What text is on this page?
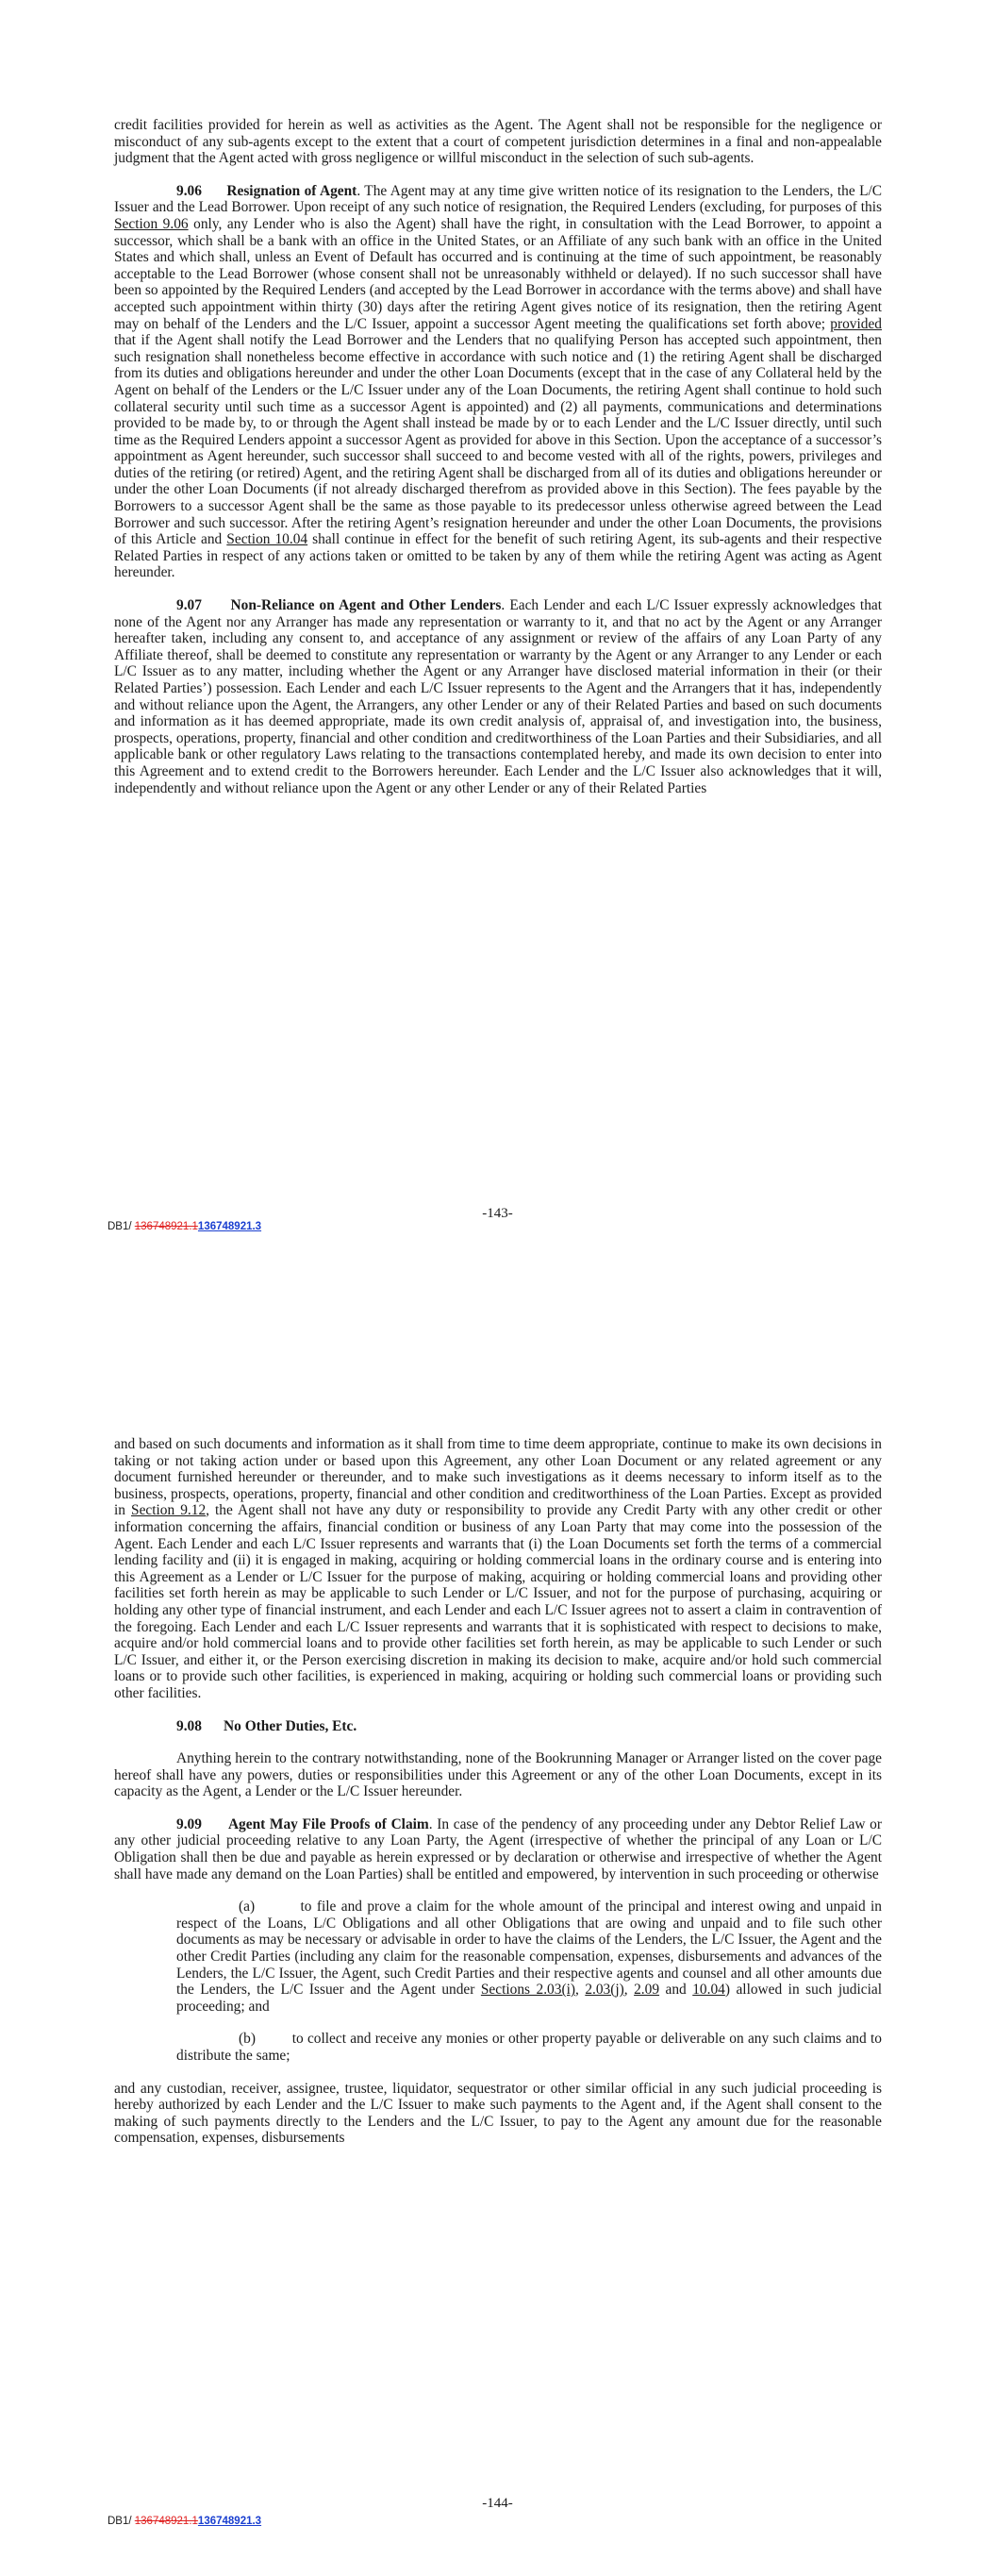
credit facilities provided for herein as well as activities as the Agent. The Agent shall not be responsible for the negligence or misconduct of any sub-agents except to the extent that a court of competent jurisdiction determines in a final and non-appealable judgment that the Agent acted with gross negligence or willful misconduct in the selection of such sub-agents.

9.06 Resignation of Agent. The Agent may at any time give written notice of its resignation to the Lenders, the L/C Issuer and the Lead Borrower. Upon receipt of any such notice of resignation, the Required Lenders (excluding, for purposes of this Section 9.06 only, any Lender who is also the Agent) shall have the right, in consultation with the Lead Borrower, to appoint a successor, which shall be a bank with an office in the United States, or an Affiliate of any such bank with an office in the United States and which shall, unless an Event of Default has occurred and is continuing at the time of such appointment, be reasonably acceptable to the Lead Borrower (whose consent shall not be unreasonably withheld or delayed). If no such successor shall have been so appointed by the Required Lenders (and accepted by the Lead Borrower in accordance with the terms above) and shall have accepted such appointment within thirty (30) days after the retiring Agent gives notice of its resignation, then the retiring Agent may on behalf of the Lenders and the L/C Issuer, appoint a successor Agent meeting the qualifications set forth above; provided that if the Agent shall notify the Lead Borrower and the Lenders that no qualifying Person has accepted such appointment, then such resignation shall nonetheless become effective in accordance with such notice and (1) the retiring Agent shall be discharged from its duties and obligations hereunder and under the other Loan Documents (except that in the case of any Collateral held by the Agent on behalf of the Lenders or the L/C Issuer under any of the Loan Documents, the retiring Agent shall continue to hold such collateral security until such time as a successor Agent is appointed) and (2) all payments, communications and determinations provided to be made by, to or through the Agent shall instead be made by or to each Lender and the L/C Issuer directly, until such time as the Required Lenders appoint a successor Agent as provided for above in this Section. Upon the acceptance of a successor’s appointment as Agent hereunder, such successor shall succeed to and become vested with all of the rights, powers, privileges and duties of the retiring (or retired) Agent, and the retiring Agent shall be discharged from all of its duties and obligations hereunder or under the other Loan Documents (if not already discharged therefrom as provided above in this Section). The fees payable by the Borrowers to a successor Agent shall be the same as those payable to its predecessor unless otherwise agreed between the Lead Borrower and such successor. After the retiring Agent’s resignation hereunder and under the other Loan Documents, the provisions of this Article and Section 10.04 shall continue in effect for the benefit of such retiring Agent, its sub-agents and their respective Related Parties in respect of any actions taken or omitted to be taken by any of them while the retiring Agent was acting as Agent hereunder.

9.07 Non-Reliance on Agent and Other Lenders. Each Lender and each L/C Issuer expressly acknowledges that none of the Agent nor any Arranger has made any representation or warranty to it, and that no act by the Agent or any Arranger hereafter taken, including any consent to, and acceptance of any assignment or review of the affairs of any Loan Party of any Affiliate thereof, shall be deemed to constitute any representation or warranty by the Agent or any Arranger to any Lender or each L/C Issuer as to any matter, including whether the Agent or any Arranger have disclosed material information in their (or their Related Parties’) possession. Each Lender and each L/C Issuer represents to the Agent and the Arrangers that it has, independently and without reliance upon the Agent, the Arrangers, any other Lender or any of their Related Parties and based on such documents and information as it has deemed appropriate, made its own credit analysis of, appraisal of, and investigation into, the business, prospects, operations, property, financial and other condition and creditworthiness of the Loan Parties and their Subsidiaries, and all applicable bank or other regulatory Laws relating to the transactions contemplated hereby, and made its own decision to enter into this Agreement and to extend credit to the Borrowers hereunder. Each Lender and the L/C Issuer also acknowledges that it will, independently and without reliance upon the Agent or any other Lender or any of their Related Parties

-143-
DB1/ 136748921.1136748921.3

and based on such documents and information as it shall from time to time deem appropriate, continue to make its own decisions in taking or not taking action under or based upon this Agreement, any other Loan Document or any related agreement or any document furnished hereunder or thereunder, and to make such investigations as it deems necessary to inform itself as to the business, prospects, operations, property, financial and other condition and creditworthiness of the Loan Parties. Except as provided in Section 9.12, the Agent shall not have any duty or responsibility to provide any Credit Party with any other credit or other information concerning the affairs, financial condition or business of any Loan Party that may come into the possession of the Agent. Each Lender and each L/C Issuer represents and warrants that (i) the Loan Documents set forth the terms of a commercial lending facility and (ii) it is engaged in making, acquiring or holding commercial loans in the ordinary course and is entering into this Agreement as a Lender or L/C Issuer for the purpose of making, acquiring or holding commercial loans and providing other facilities set forth herein as may be applicable to such Lender or L/C Issuer, and not for the purpose of purchasing, acquiring or holding any other type of financial instrument, and each Lender and each L/C Issuer agrees not to assert a claim in contravention of the foregoing. Each Lender and each L/C Issuer represents and warrants that it is sophisticated with respect to decisions to make, acquire and/or hold commercial loans and to provide other facilities set forth herein, as may be applicable to such Lender or such L/C Issuer, and either it, or the Person exercising discretion in making its decision to make, acquire and/or hold such commercial loans or to provide such other facilities, is experienced in making, acquiring or holding such commercial loans or providing such other facilities.

9.08 No Other Duties, Etc.

Anything herein to the contrary notwithstanding, none of the Bookrunning Manager or Arranger listed on the cover page hereof shall have any powers, duties or responsibilities under this Agreement or any of the other Loan Documents, except in its capacity as the Agent, a Lender or the L/C Issuer hereunder.

9.09 Agent May File Proofs of Claim. In case of the pendency of any proceeding under any Debtor Relief Law or any other judicial proceeding relative to any Loan Party, the Agent (irrespective of whether the principal of any Loan or L/C Obligation shall then be due and payable as herein expressed or by declaration or otherwise and irrespective of whether the Agent shall have made any demand on the Loan Parties) shall be entitled and empowered, by intervention in such proceeding or otherwise

(a)	to file and prove a claim for the whole amount of the principal and interest owing and unpaid in respect of the Loans, L/C Obligations and all other Obligations that are owing and unpaid and to file such other documents as may be necessary or advisable in order to have the claims of the Lenders, the L/C Issuer, the Agent and the other Credit Parties (including any claim for the reasonable compensation, expenses, disbursements and advances of the Lenders, the L/C Issuer, the Agent, such Credit Parties and their respective agents and counsel and all other amounts due the Lenders, the L/C Issuer and the Agent under Sections 2.03(i), 2.03(j), 2.09 and 10.04) allowed in such judicial proceeding; and

(b)	to collect and receive any monies or other property payable or deliverable on any such claims and to distribute the same;

and any custodian, receiver, assignee, trustee, liquidator, sequestrator or other similar official in any such judicial proceeding is hereby authorized by each Lender and the L/C Issuer to make such payments to the Agent and, if the Agent shall consent to the making of such payments directly to the Lenders and the L/C Issuer, to pay to the Agent any amount due for the reasonable compensation, expenses, disbursements

-144-
DB1/ 136748921.1136748921.3
